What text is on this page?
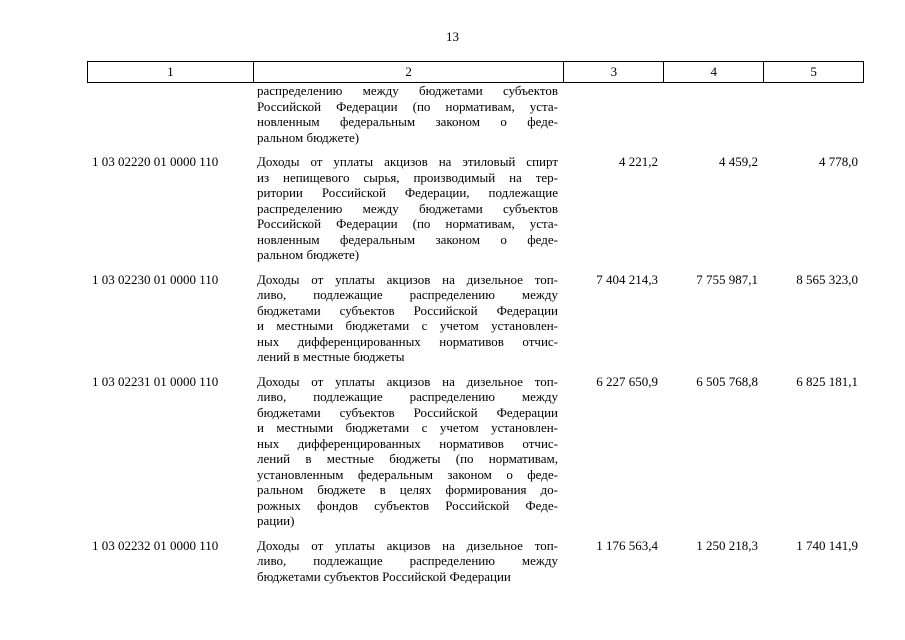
13
1	2	3	4	5
распределению между бюджетами субъектов
Российской Федерации (по нормативам, уста-
новленным федеральным законом о феде-
ральном бюджете)
1 03 02220 01 0000 110	Доходы от уплаты акцизов на этиловый спирт
из непищевого сырья, производимый на тер-
ритории Российской Федерации, подлежащие
распределению между бюджетами субъектов
Российской Федерации (по нормативам, уста-
новленным федеральным законом о феде-
ральном бюджете)
4 221,2	4 459,2	4 778,0
1 03 02230 01 0000 110	Доходы от уплаты акцизов на дизельное топ-
ливо, подлежащие распределению между
бюджетами субъектов Российской Федерации
и местными бюджетами с учетом установлен-
ных дифференцированных нормативов отчис-
лений в местные бюджеты
7 404 214,3	7 755 987,1	8 565 323,0
1 03 02231 01 0000 110	Доходы от уплаты акцизов на дизельное топ-
ливо, подлежащие распределению между
бюджетами субъектов Российской Федерации
и местными бюджетами с учетом установлен-
ных дифференцированных нормативов отчис-
лений в местные бюджеты (по нормативам,
установленным федеральным законом о феде-
ральном бюджете в целях формирования до-
рожных фондов субъектов Российской Феде-
рации)
6 227 650,9	6 505 768,8	6 825 181,1
1 03 02232 01 0000 110	Доходы от уплаты акцизов на дизельное топ-
ливо, подлежащие распределению между
бюджетами субъектов Российской Федерации
1 176 563,4	1 250 218,3	1 740 141,9
